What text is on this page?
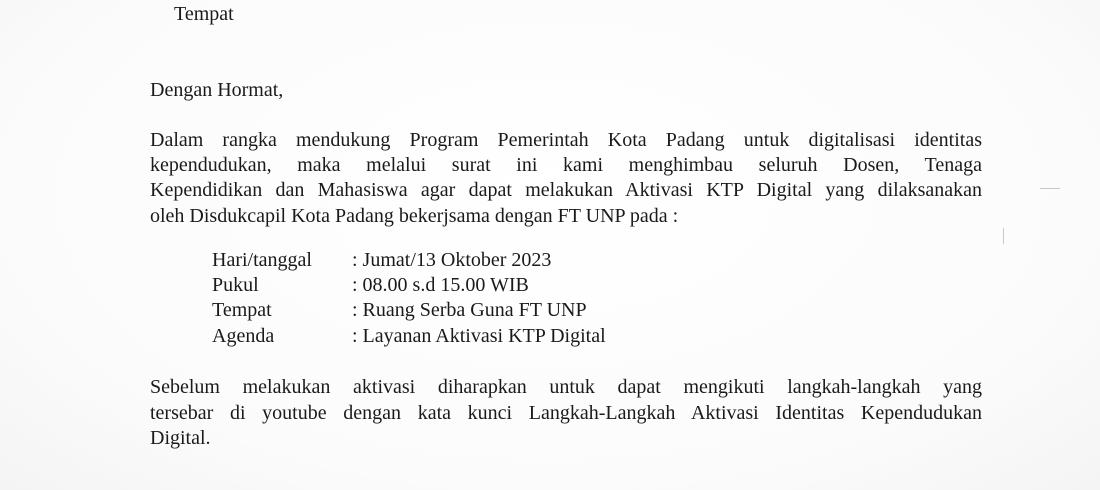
Tempat
Dengan Hormat,
Dalam rangka mendukung Program Pemerintah Kota Padang untuk digitalisasi identitas
kependudukan, maka melalui surat ini kami menghimbau seluruh Dosen, Tenaga
Kependidikan dan Mahasiswa agar dapat melakukan Aktivasi KTP Digital yang dilaksanakan
oleh Disdukcapil Kota Padang bekerjsama dengan FT UNP pada :
Hari/tanggal : Jumat/13 Oktober 2023
Pukul	: 08.00 s.d 15.00 WIB
Tempat	: Ruang Serba Guna FT UNP
Agenda	: Layanan Aktivasi KTP Digital
Sebelum melakukan aktivasi diharapkan untuk dapat mengikuti langkah-langkah yang
tersebar di youtube dengan kata kunci Langkah-Langkah Aktivasi Identitas Kependudukan
Digital.
